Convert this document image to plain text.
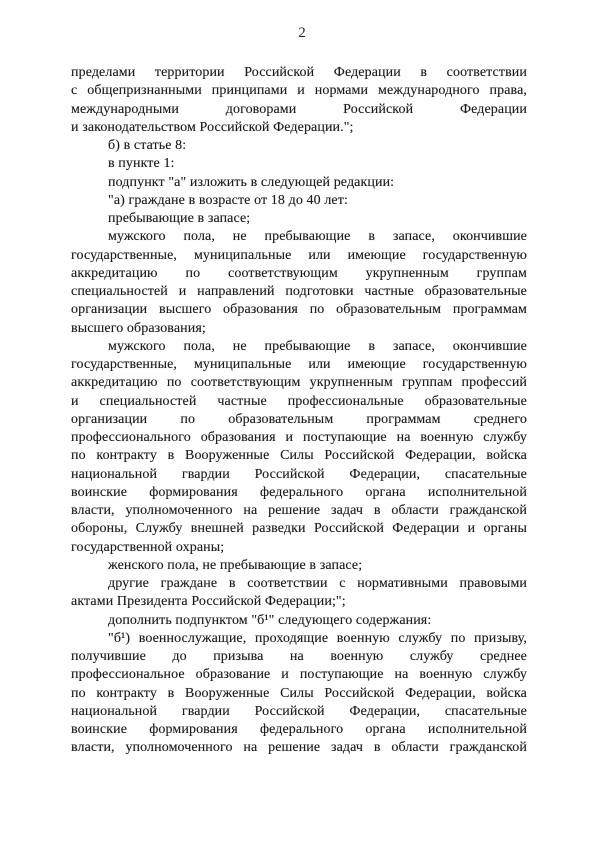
2
пределами территории Российской Федерации в соответствии
с общепризнанными принципами и нормами международного права,
международными договорами Российской Федерации
и законодательством Российской Федерации.";
б) в статье 8:
в пункте 1:
подпункт "а" изложить в следующей редакции:
"а) граждане в возрасте от 18 до 40 лет:
пребывающие в запасе;
мужского пола, не пребывающие в запасе, окончившие
государственные, муниципальные или имеющие государственную
аккредитацию по соответствующим укрупненным группам
специальностей и направлений подготовки частные образовательные
организации высшего образования по образовательным программам
высшего образования;
мужского пола, не пребывающие в запасе, окончившие
государственные, муниципальные или имеющие государственную
аккредитацию по соответствующим укрупненным группам профессий
и специальностей частные профессиональные образовательные
организации по образовательным программам среднего
профессионального образования и поступающие на военную службу
по контракту в Вооруженные Силы Российской Федерации, войска
национальной гвардии Российской Федерации, спасательные
воинские формирования федерального органа исполнительной
власти, уполномоченного на решение задач в области гражданской
обороны, Службу внешней разведки Российской Федерации и органы
государственной охраны;
женского пола, не пребывающие в запасе;
другие граждане в соответствии с нормативными правовыми
актами Президента Российской Федерации;";
дополнить подпунктом "б¹" следующего содержания:
"б¹) военнослужащие, проходящие военную службу по призыву,
получившие до призыва на военную службу среднее
профессиональное образование и поступающие на военную службу
по контракту в Вооруженные Силы Российской Федерации, войска
национальной гвардии Российской Федерации, спасательные
воинские формирования федерального органа исполнительной
власти, уполномоченного на решение задач в области гражданской
